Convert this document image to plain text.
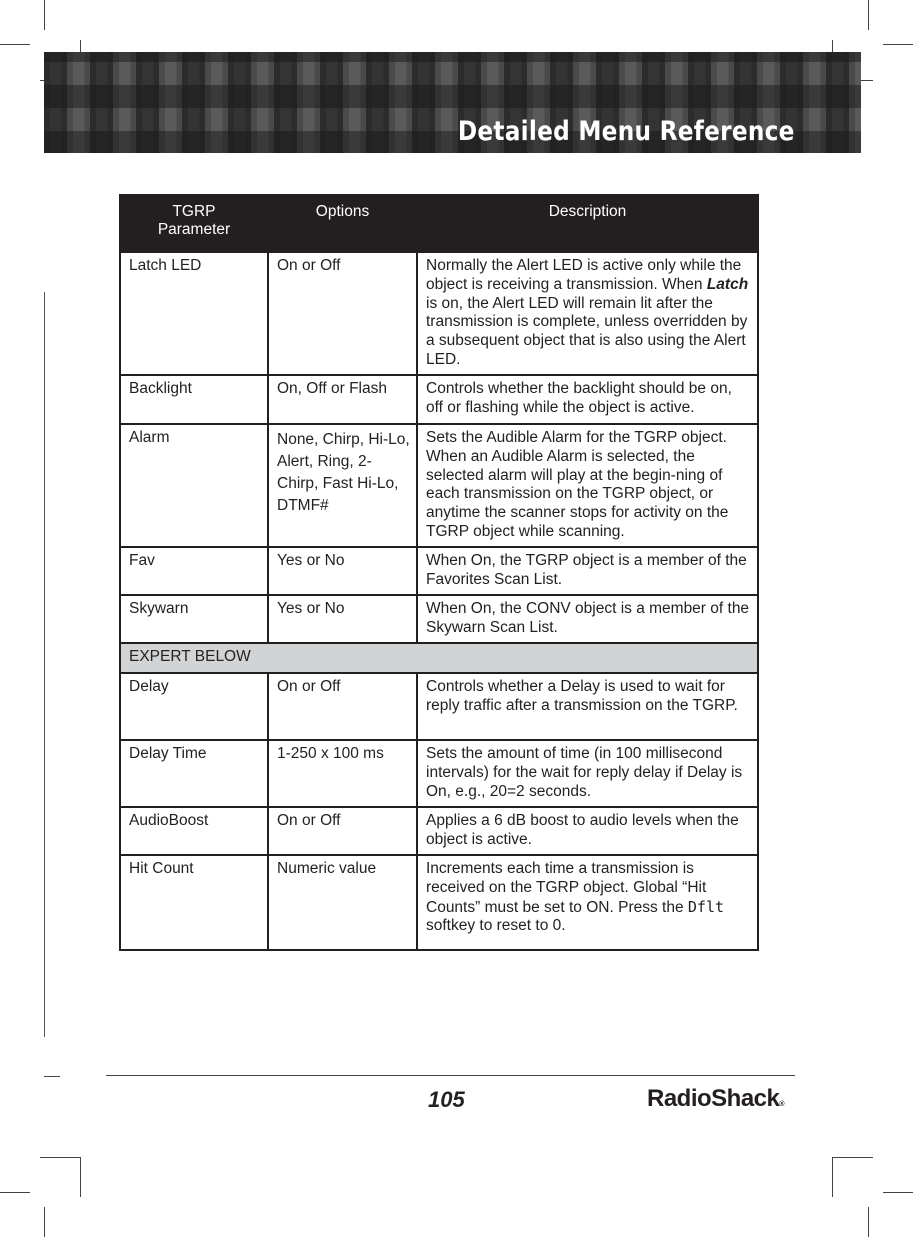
Detailed Menu Reference
TGRP
Parameter	Options	Description
Latch LED	On or Off	Normally the Alert LED is active only while the object is receiving a transmission. When Latch is on, the Alert LED will remain lit after the transmission is complete, unless overridden by a subsequent object that is also using the Alert LED.
Backlight	On, Off or Flash	Controls whether the backlight should be on, off or flashing while the object is active.
Alarm	None, Chirp, Hi-Lo, Alert, Ring, 2-Chirp, Fast Hi-Lo, DTMF#	Sets the Audible Alarm for the TGRP object. When an Audible Alarm is selected, the selected alarm will play at the begin-ning of each transmission on the TGRP object, or anytime the scanner stops for activity on the TGRP object while scanning.
Fav	Yes or No	When On, the TGRP object is a member of the Favorites Scan List.
Skywarn	Yes or No	When On, the CONV object is a member of the Skywarn Scan List.
EXPERT BELOW		
Delay	On or Off	Controls whether a Delay is used to wait for reply traffic after a transmission on the TGRP.
Delay Time	1-250 x 100 ms	Sets the amount of time (in 100 millisecond intervals) for the wait for reply delay if Delay is On, e.g., 20=2 seconds.
AudioBoost	On or Off	Applies a 6 dB boost to audio levels when the object is active.
Hit Count	Numeric value	Increments each time a transmission is received on the TGRP object. Global “Hit Counts” must be set to ON. Press the Dflt softkey to reset to 0.
105	RadioShack®
